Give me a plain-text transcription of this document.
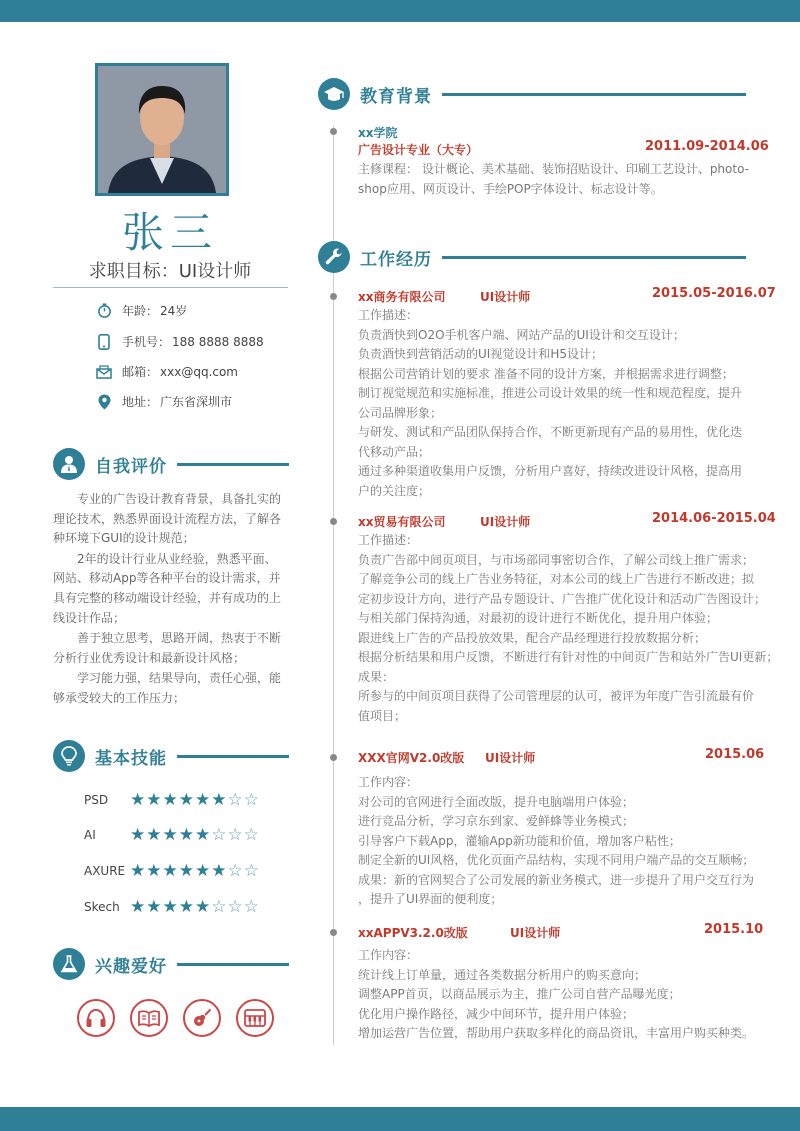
张三
求职目标：UI设计师
年龄： 24岁
手机号： 188 8888 8888
邮箱： xxx@qq.com
地址： 广东省深圳市
自我评价

专业的广告设计教育背景，具备扎实的理论技术，熟悉界面设计流程方法，了解各种环境下GUI的设计规范；

2年的设计行业从业经验，熟悉平面、网站、移动App等各种平台的设计需求，并具有完整的移动端设计经验，并有成功的上线设计作品；

善于独立思考，思路开阔，热衷于不断分析行业优秀设计和最新设计风格；

学习能力强，结果导向，责任心强，能够承受较大的工作压力；

基本技能
PSD	★★★★★★☆☆
AI	★★★★★☆☆☆
AXURE ★★★★★★☆☆
Skech ★★★★★☆☆☆
兴趣爱好
教育背景
xx学院
广告设计专业（大专）	2011.09-2014.06
主修课程： 设计概论、美术基础、装饰招贴设计、印刷工艺设计、photo-
shop应用、网页设计、手绘POP字体设计、标志设计等。
工作经历
xx商务有限公司	UI设计师	2015.05-2016.07
工作描述：
负责酒快到O2O手机客户端、网站产品的UI设计和交互设计；
负责酒快到营销活动的UI视觉设计和H5设计；
根据公司营销计划的要求 准备不同的设计方案，并根据需求进行调整；
制订视觉规范和实施标准，推进公司设计效果的统一性和规范程度，提升
公司品牌形象；
与研发、测试和产品团队保持合作，不断更新现有产品的易用性，优化迭
代移动产品；
通过多种渠道收集用户反馈，分析用户喜好，持续改进设计风格，提高用
户的关注度；
xx贸易有限公司	UI设计师	2014.06-2015.04
工作描述：
负责广告部中间页项目，与市场部同事密切合作，了解公司线上推广需求；
了解竞争公司的线上广告业务特征，对本公司的线上广告进行不断改进；拟
定初步设计方向，进行产品专题设计、广告推广优化设计和活动广告图设计；
与相关部门保持沟通，对最初的设计进行不断优化，提升用户体验；
跟进线上广告的产品投放效果，配合产品经理进行投放数据分析；
根据分析结果和用户反馈，不断进行有针对性的中间页广告和站外广告UI更新；
成果：
所参与的中间页项目获得了公司管理层的认可，被评为年度广告引流最有价
值项目；
XXX官网V2.0改版 UI设计师	2015.06
工作内容：
对公司的官网进行全面改版，提升电脑端用户体验；
进行竞品分析，学习京东到家、爱鲜蜂等业务模式；
引导客户下载App，灌输App新功能和价值，增加客户粘性；
制定全新的UI风格，优化页面产品结构，实现不同用户端产品的交互顺畅；
成果：新的官网契合了公司发展的新业务模式，进一步提升了用户交互行为
，提升了UI界面的便利度；
xxAPPV3.2.0改版	UI设计师	2015.10
工作内容：
统计线上订单量，通过各类数据分析用户的购买意向；
调整APP首页，以商品展示为主，推广公司自营产品曝光度；
优化用户操作路径，减少中间环节，提升用户体验；
增加运营广告位置，帮助用户获取多样化的商品资讯，丰富用户购买种类。
